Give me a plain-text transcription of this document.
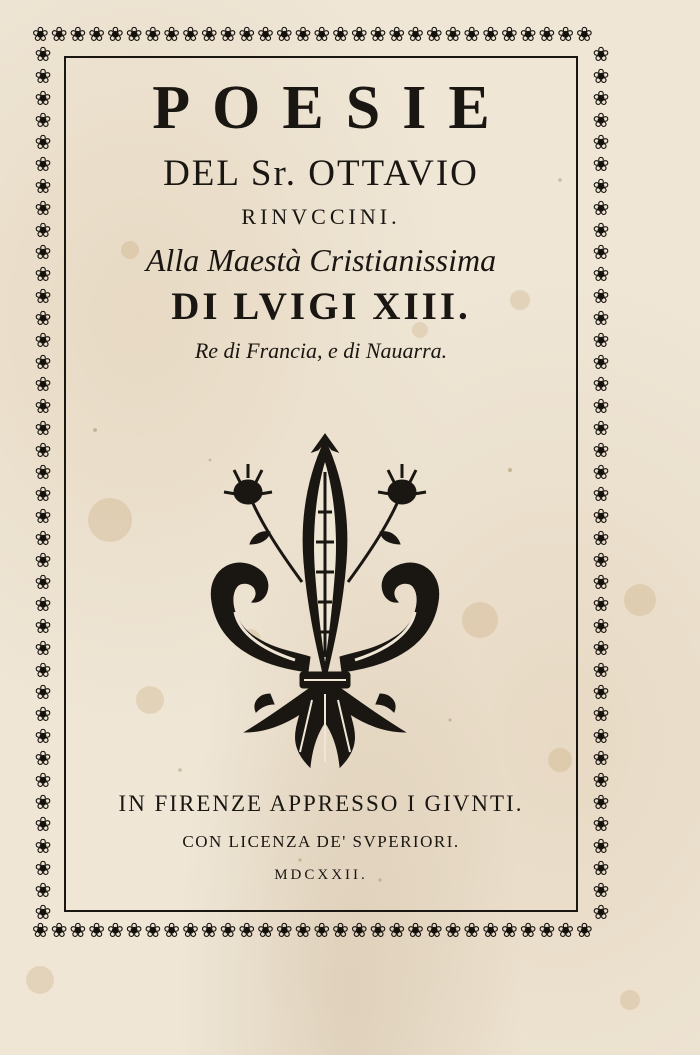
❀❀❀❀❀❀❀❀❀❀❀❀❀❀❀❀❀❀❀❀❀❀❀❀❀❀❀❀❀❀
❀❀❀❀❀❀❀❀❀❀❀❀❀❀❀❀❀❀❀❀❀❀❀❀❀❀❀❀❀❀
❀❀❀❀❀❀❀❀❀❀❀❀❀❀❀❀❀❀❀❀❀❀❀❀❀❀❀❀❀❀❀❀❀❀❀❀❀❀❀❀
❀❀❀❀❀❀❀❀❀❀❀❀❀❀❀❀❀❀❀❀❀❀❀❀❀❀❀❀❀❀❀❀❀❀❀❀❀❀❀❀
POESIE
DEL Sr. OTTAVIO
RINVCCINI.
Alla Maestà Cristianissima
DI LVIGI XIII.
Re di Francia, e di Nauarra.
IN FIRENZE APPRESSO I GIVNTI.
CON LICENZA DE' SVPERIORI.
MDCXXII.
